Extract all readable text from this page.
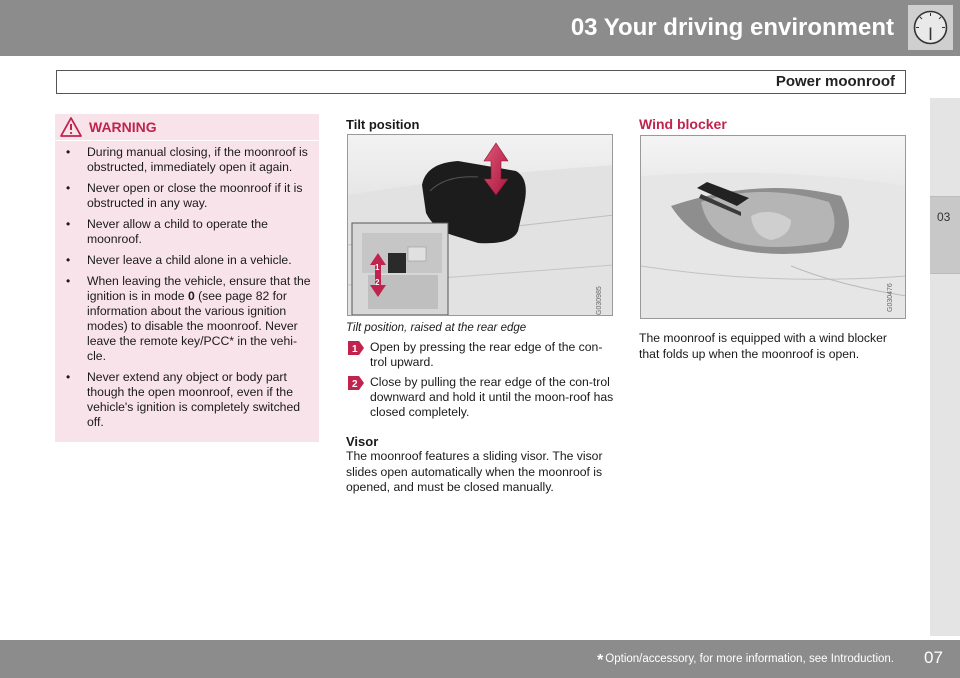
03 Your driving environment
Power moonroof
03
WARNING
• During manual closing, if the moonroof is obstructed, immediately open it again.
• Never open or close the moonroof if it is obstructed in any way.
• Never allow a child to operate the moonroof.
• Never leave a child alone in a vehicle.
• When leaving the vehicle, ensure that the ignition is in mode 0 (see page 82 for information about the various ignition modes) to disable the moonroof. Never leave the remote key/PCC* in the vehi-cle.
• Never extend any object or body part though the open moonroof, even if the vehicle's ignition is completely switched off.
Tilt position
1
2
G030985
Tilt position, raised at the rear edge
1 Open by pressing the rear edge of the con-trol upward.
2 Close by pulling the rear edge of the con-trol downward and hold it until the moon-roof has closed completely.
Visor
The moonroof features a sliding visor. The visor slides open automatically when the moonroof is opened, and must be closed manually.
Wind blocker
G030476
The moonroof is equipped with a wind blocker that folds up when the moonroof is open.
* Option/accessory, for more information, see Introduction. 07
